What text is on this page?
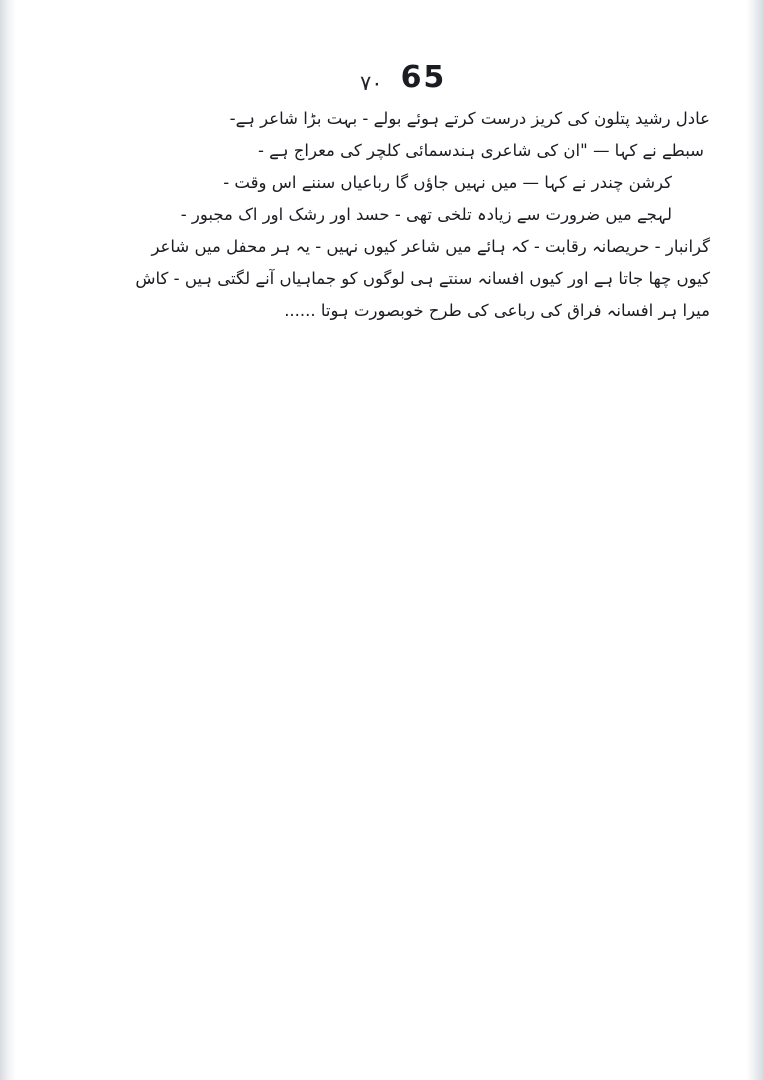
٧٠ 65
عادل رشید پتلون کی کریز درست کرتے ہوئے بولے - بہت بڑا شاعر ہے-
سبطے نے کہا — "ان کی شاعری ہندسمائی کلچر کی معراج ہے -
کرشن چندر نے کہا — میں نہیں جاؤں گا رباعیاں سننے اس وقت -
لہجے میں ضرورت سے زیادہ تلخی تھی - حسد اور رشک اور اک مجبور -
گرانبار - حریصانہ رقابت - کہ ہائے میں شاعر کیوں نہیں - یہ ہر محفل میں شاعر
کیوں چھا جاتا ہے اور کیوں افسانہ سنتے ہی لوگوں کو جماہیاں آنے لگتی ہیں - کاش
میرا ہر افسانہ فراق کی رباعی کی طرح خوبصورت ہوتا ......
